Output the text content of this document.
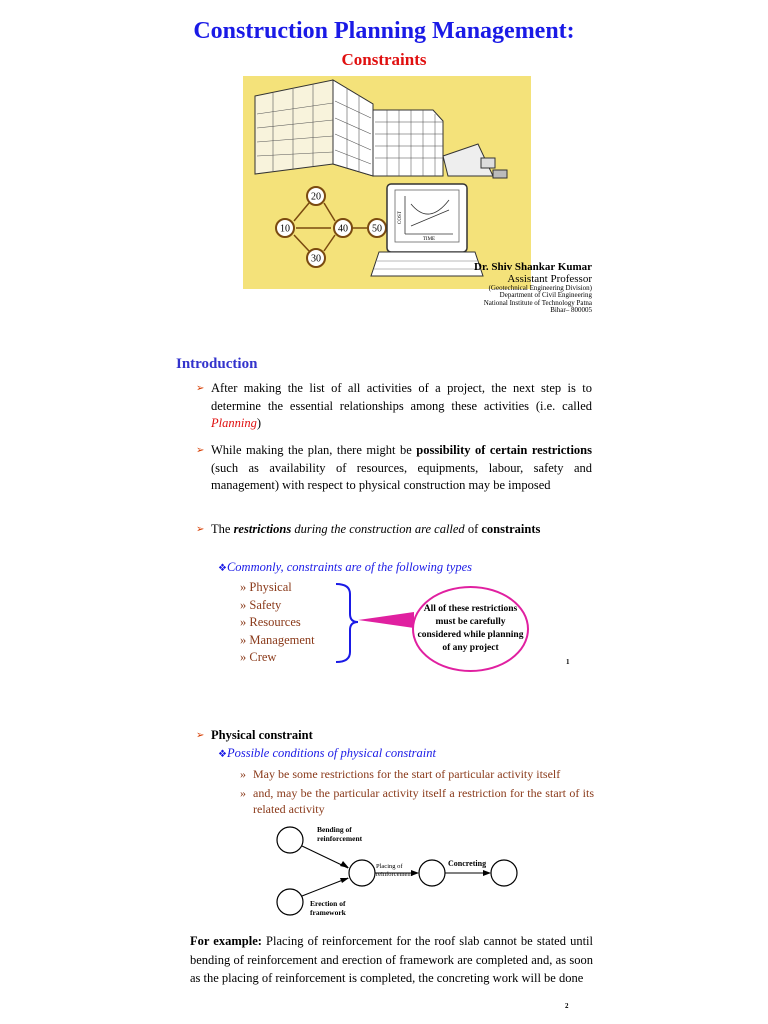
Construction Planning Management:
Constraints
10
20
30
40 50
COST
TIME
Dr. Shiv Shankar Kumar
Assistant Professor
(Geotechnical Engineering Division)
Department of Civil Engineering
National Institute of Technology Patna
Bihar– 800005
Introduction
➢ After making the list of all activities of a project, the next step is to determine the essential relationships among these activities (i.e. called Planning)
➢ While making the plan, there might be possibility of certain restrictions (such as availability of resources, equipments, labour, safety and management) with respect to physical construction may be imposed
➢ The restrictions during the construction are called of constraints
❖Commonly, constraints are of the following types
» Physical
» Safety
» Resources
» Management
» Crew
All of these restrictions must be carefully considered while planning of any project
1
➢ Physical constraint
❖Possible conditions of physical constraint
» May be some restrictions for the start of particular activity itself
» and, may be the particular activity itself a restriction for the start of its related activity
Bending of reinforcement
Erection of framework
Placing of reinforcement
Concreting
For example: Placing of reinforcement for the roof slab cannot be stated until bending of reinforcement and erection of framework are completed and, as soon as the placing of reinforcement is completed, the concreting work will be done
2
